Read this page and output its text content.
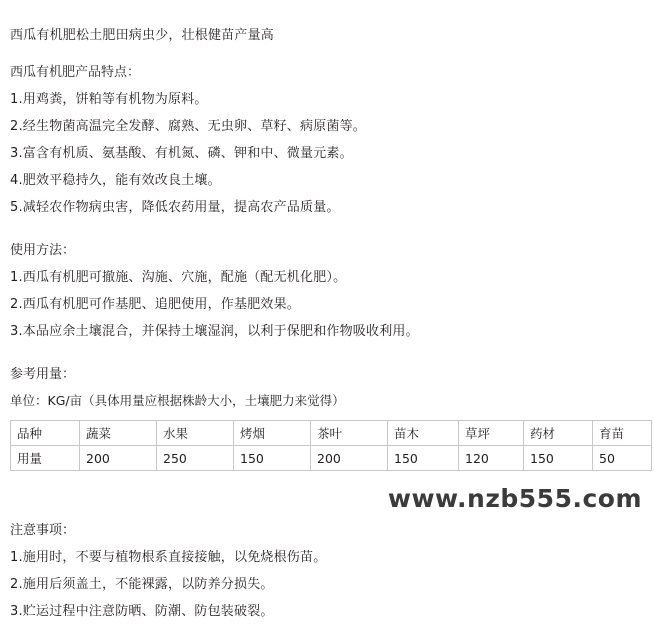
西瓜有机肥松土肥田病虫少，壮根健苗产量高
西瓜有机肥产品特点：
1.用鸡粪，饼粕等有机物为原料。
2.经生物菌高温完全发酵、腐熟、无虫卵、草籽、病原菌等。
3.富含有机质、氨基酸、有机氮、磷、钾和中、微量元素。
4.肥效平稳持久，能有效改良土壤。
5.减轻农作物病虫害，降低农药用量，提高农产品质量。
使用方法：
1.西瓜有机肥可撤施、沟施、穴施，配施（配无机化肥）。
2.西瓜有机肥可作基肥、追肥使用，作基肥效果。
3.本品应余土壤混合，并保持土壤湿润，以利于保肥和作物吸收利用。
参考用量：
单位：KG/亩（具体用量应根据株龄大小，土壤肥力来觉得）
品种	蔬菜	水果	烤烟	茶叶	苗木	草坪	药材	育苗
用量	200	250	150	200	150	120	150	50
注意事项：
1.施用时，不要与植物根系直接接触，以免烧根伤苗。
2.施用后须盖土，不能裸露，以防养分损失。
3.贮运过程中注意防晒、防潮、防包装破裂。
www.nzb555.com
